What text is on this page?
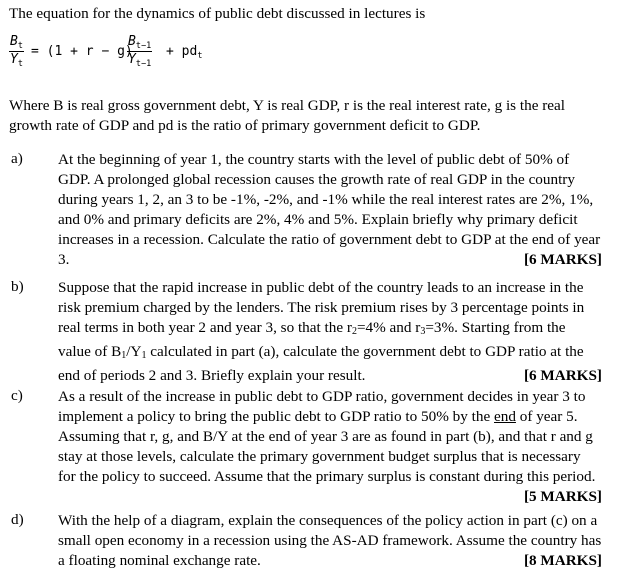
The equation for the dynamics of public debt discussed in lectures is
$\frac{B_t}{Y_t} = (1 + r - g)$
$\frac{B_{t-1}}{Y_{t-1}} + pd_t$
Where B is real gross government debt, Y is real GDP, r is the real interest rate, g is the real growth rate of GDP and pd is the ratio of primary government deficit to GDP.
a) At the beginning of year 1, the country starts with the level of public debt of 50% of GDP. A prolonged global recession causes the growth rate of real GDP in the country during years 1, 2, an 3 to be -1%, -2%, and -1% while the real interest rates are 2%, 1%, and 0% and primary deficits are 2%, 4% and 5%. Explain briefly why primary deficit increases in a recession. Calculate the ratio of government debt to GDP at the end of year 3.	[6 MARKS]
b) Suppose that the rapid increase in public debt of the country leads to an increase in the risk premium charged by the lenders. The risk premium rises by 3 percentage points in real terms in both year 2 and year 3, so that the $r_2=4\%$ and $r_3=3\%$. Starting from the value of $B_1/Y_1$ calculated in part (a), calculate the government debt to GDP ratio at the end of periods 2 and 3. Briefly explain your result.	[6 MARKS]
c) As a result of the increase in public debt to GDP ratio, government decides in year 3 to implement a policy to bring the public debt to GDP ratio to 50% by the end of year 5. Assuming that r, g, and B/Y at the end of year 3 are as found in part (b), and that r and g stay at those levels, calculate the primary government budget surplus that is necessary for the policy to succeed. Assume that the primary surplus is constant during this period.
[5 MARKS]
d) With the help of a diagram, explain the consequences of the policy action in part (c) on a small open economy in a recession using the AS-AD framework. Assume the country has a floating nominal exchange rate.	[8 MARKS]
